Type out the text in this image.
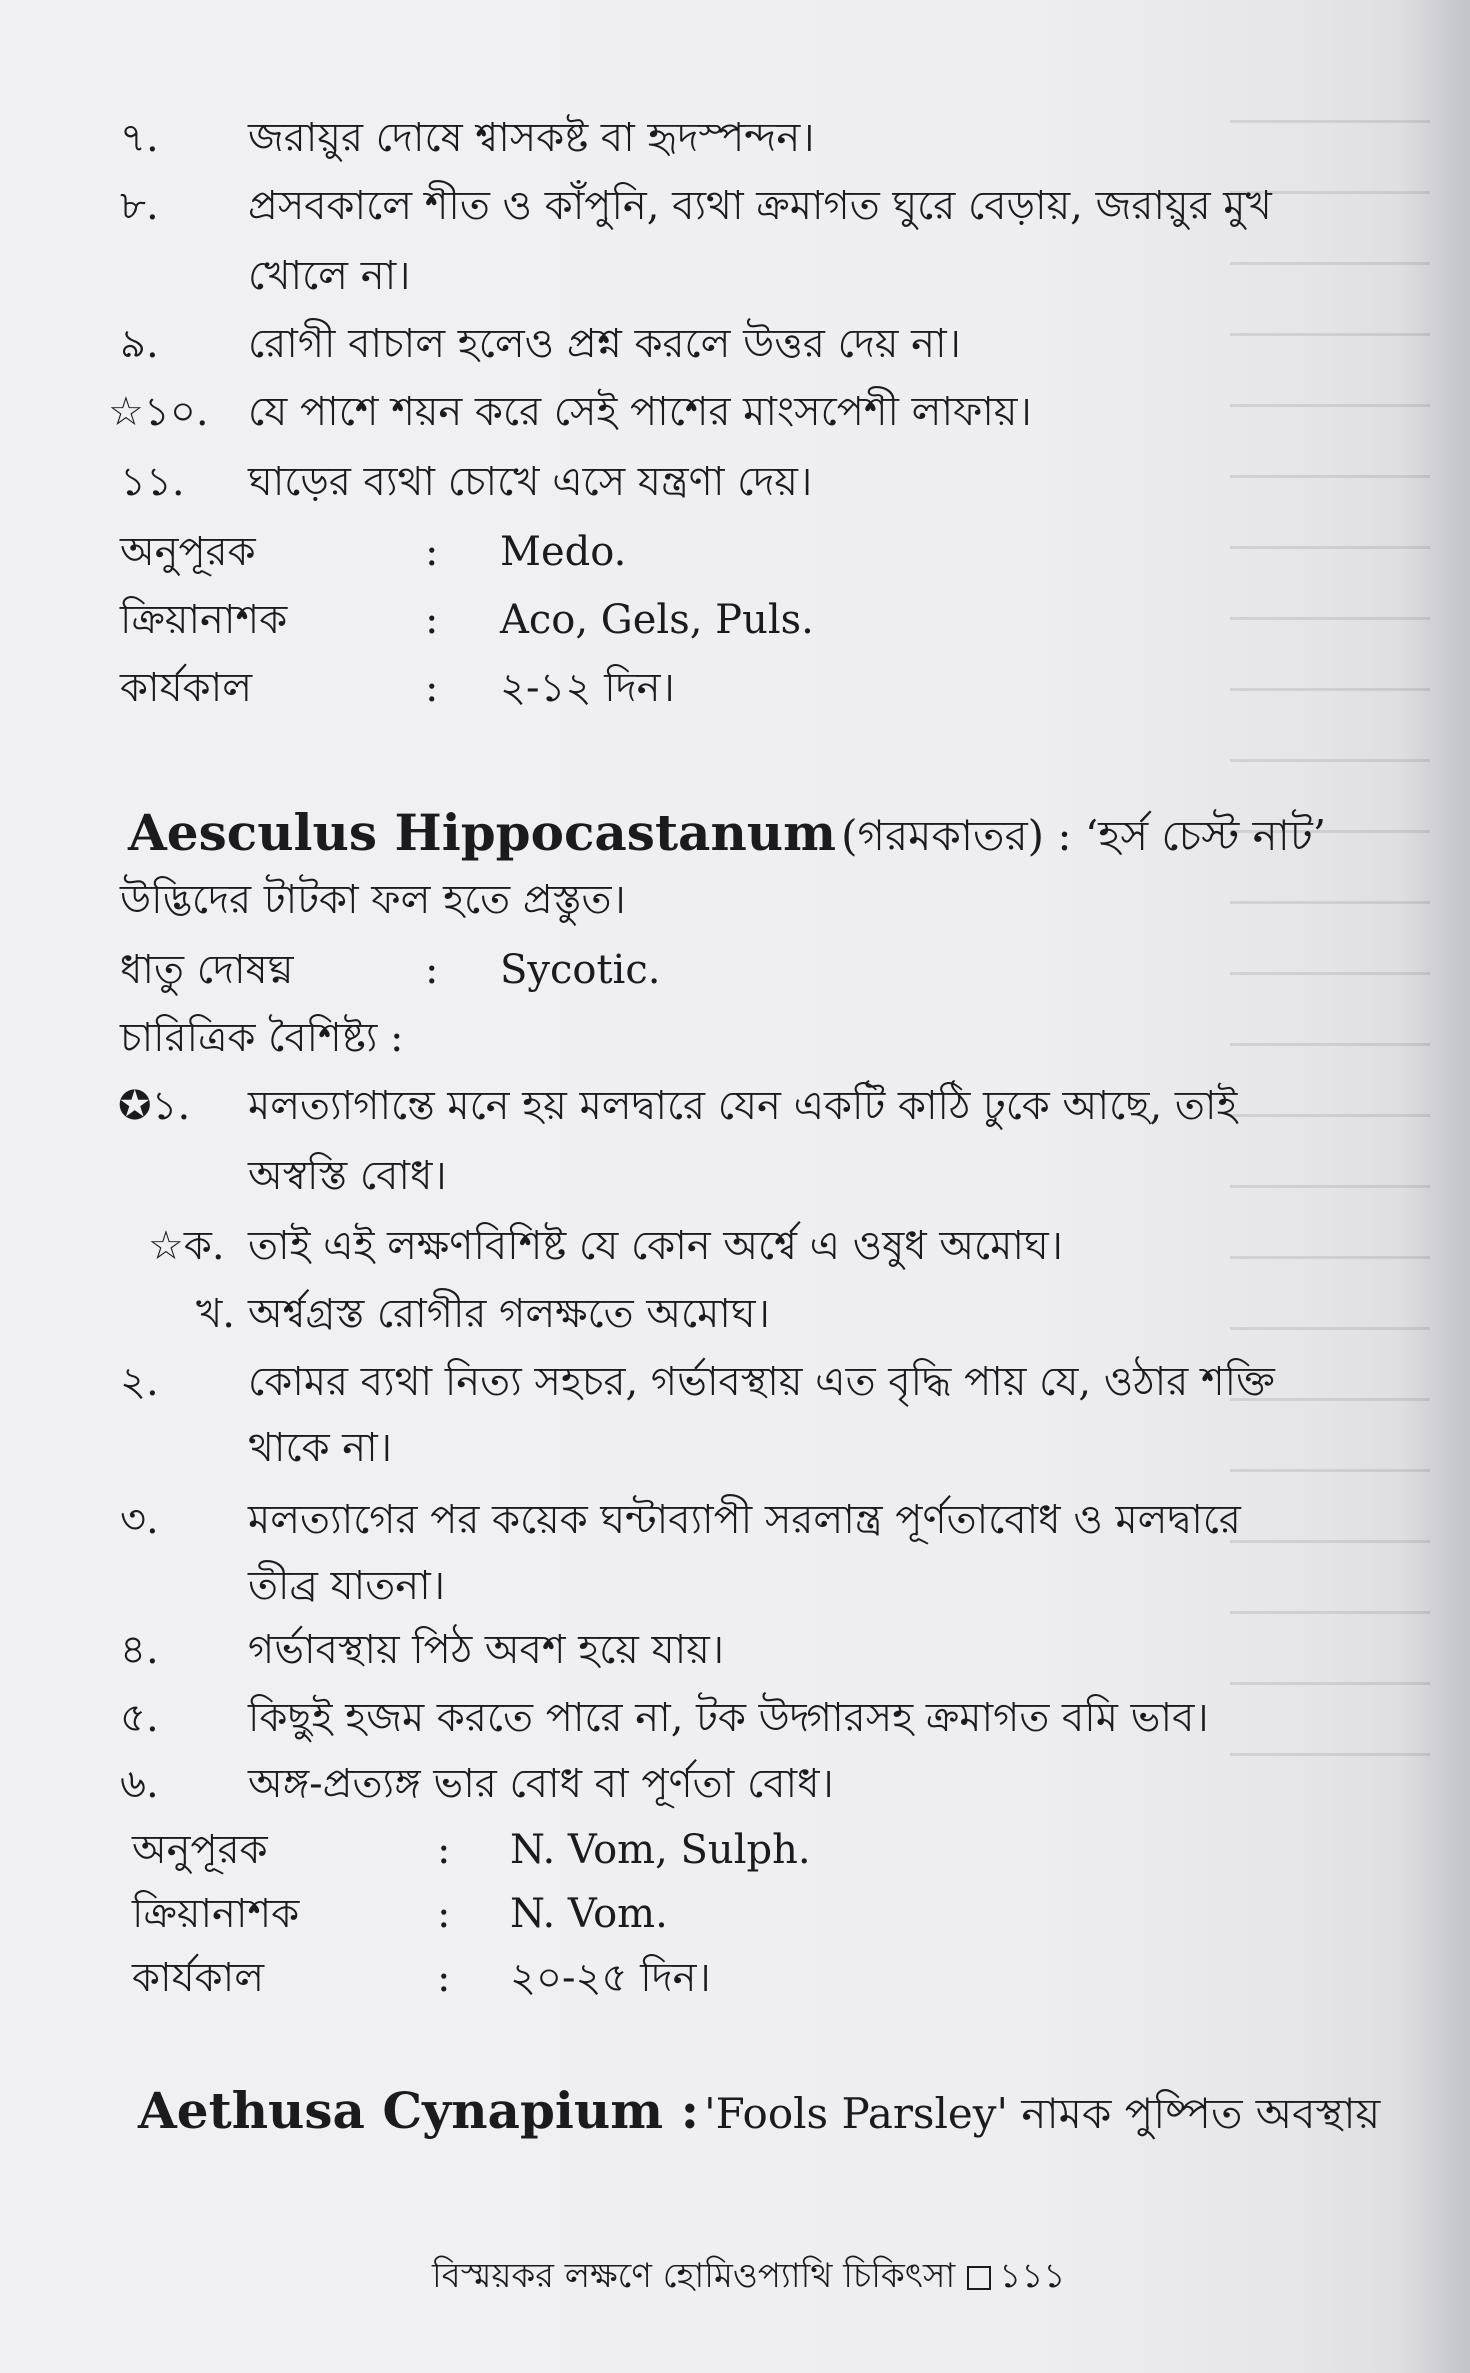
৭. জরায়ুর দোষে শ্বাসকষ্ট বা হৃদস্পন্দন।
৮. প্রসবকালে শীত ও কাঁপুনি, ব্যথা ক্রমাগত ঘুরে বেড়ায়, জরায়ুর মুখ
খোলে না।
৯. রোগী বাচাল হলেও প্রশ্ন করলে উত্তর দেয় না।
☆১০. যে পাশে শয়ন করে সেই পাশের মাংসপেশী লাফায়।
১১. ঘাড়ের ব্যথা চোখে এসে যন্ত্রণা দেয়।
অনুপূরক	: Medo.
ক্রিয়ানাশক	: Aco, Gels, Puls.
কার্যকাল	: ২-১২ দিন।
Aesculus Hippocastanum (গরমকাতর) : ‘হর্স চেস্ট নাট’
উদ্ভিদের টাটকা ফল হতে প্রস্তুত।
ধাতু দোষঘ্ন	: Sycotic.
চারিত্রিক বৈশিষ্ট্য :
✪১. মলত্যাগান্তে মনে হয় মলদ্বারে যেন একটি কাঠি ঢুকে আছে, তাই
অস্বস্তি বোধ।
☆ক. তাই এই লক্ষণবিশিষ্ট যে কোন অর্শ্বে এ ওষুধ অমোঘ।
খ. অর্শ্বগ্রস্ত রোগীর গলক্ষতে অমোঘ।
২. কোমর ব্যথা নিত্য সহচর, গর্ভাবস্থায় এত বৃদ্ধি পায় যে, ওঠার শক্তি
থাকে না।
৩. মলত্যাগের পর কয়েক ঘন্টাব্যাপী সরলান্ত্র পূর্ণতাবোধ ও মলদ্বারে
তীব্র যাতনা।
৪. গর্ভাবস্থায় পিঠ অবশ হয়ে যায়।
৫. কিছুই হজম করতে পারে না, টক উদ্গারসহ ক্রমাগত বমি ভাব।
৬. অঙ্গ-প্রত্যঙ্গ ভার বোধ বা পূর্ণতা বোধ।
অনুপূরক	: N. Vom, Sulph.
ক্রিয়ানাশক	: N. Vom.
কার্যকাল	: ২০-২৫ দিন।
Aethusa Cynapium : 'Fools Parsley' নামক পুষ্পিত অবস্থায়
বিস্ময়কর লক্ষণে হোমিওপ্যাথি চিকিৎসা ১১১
